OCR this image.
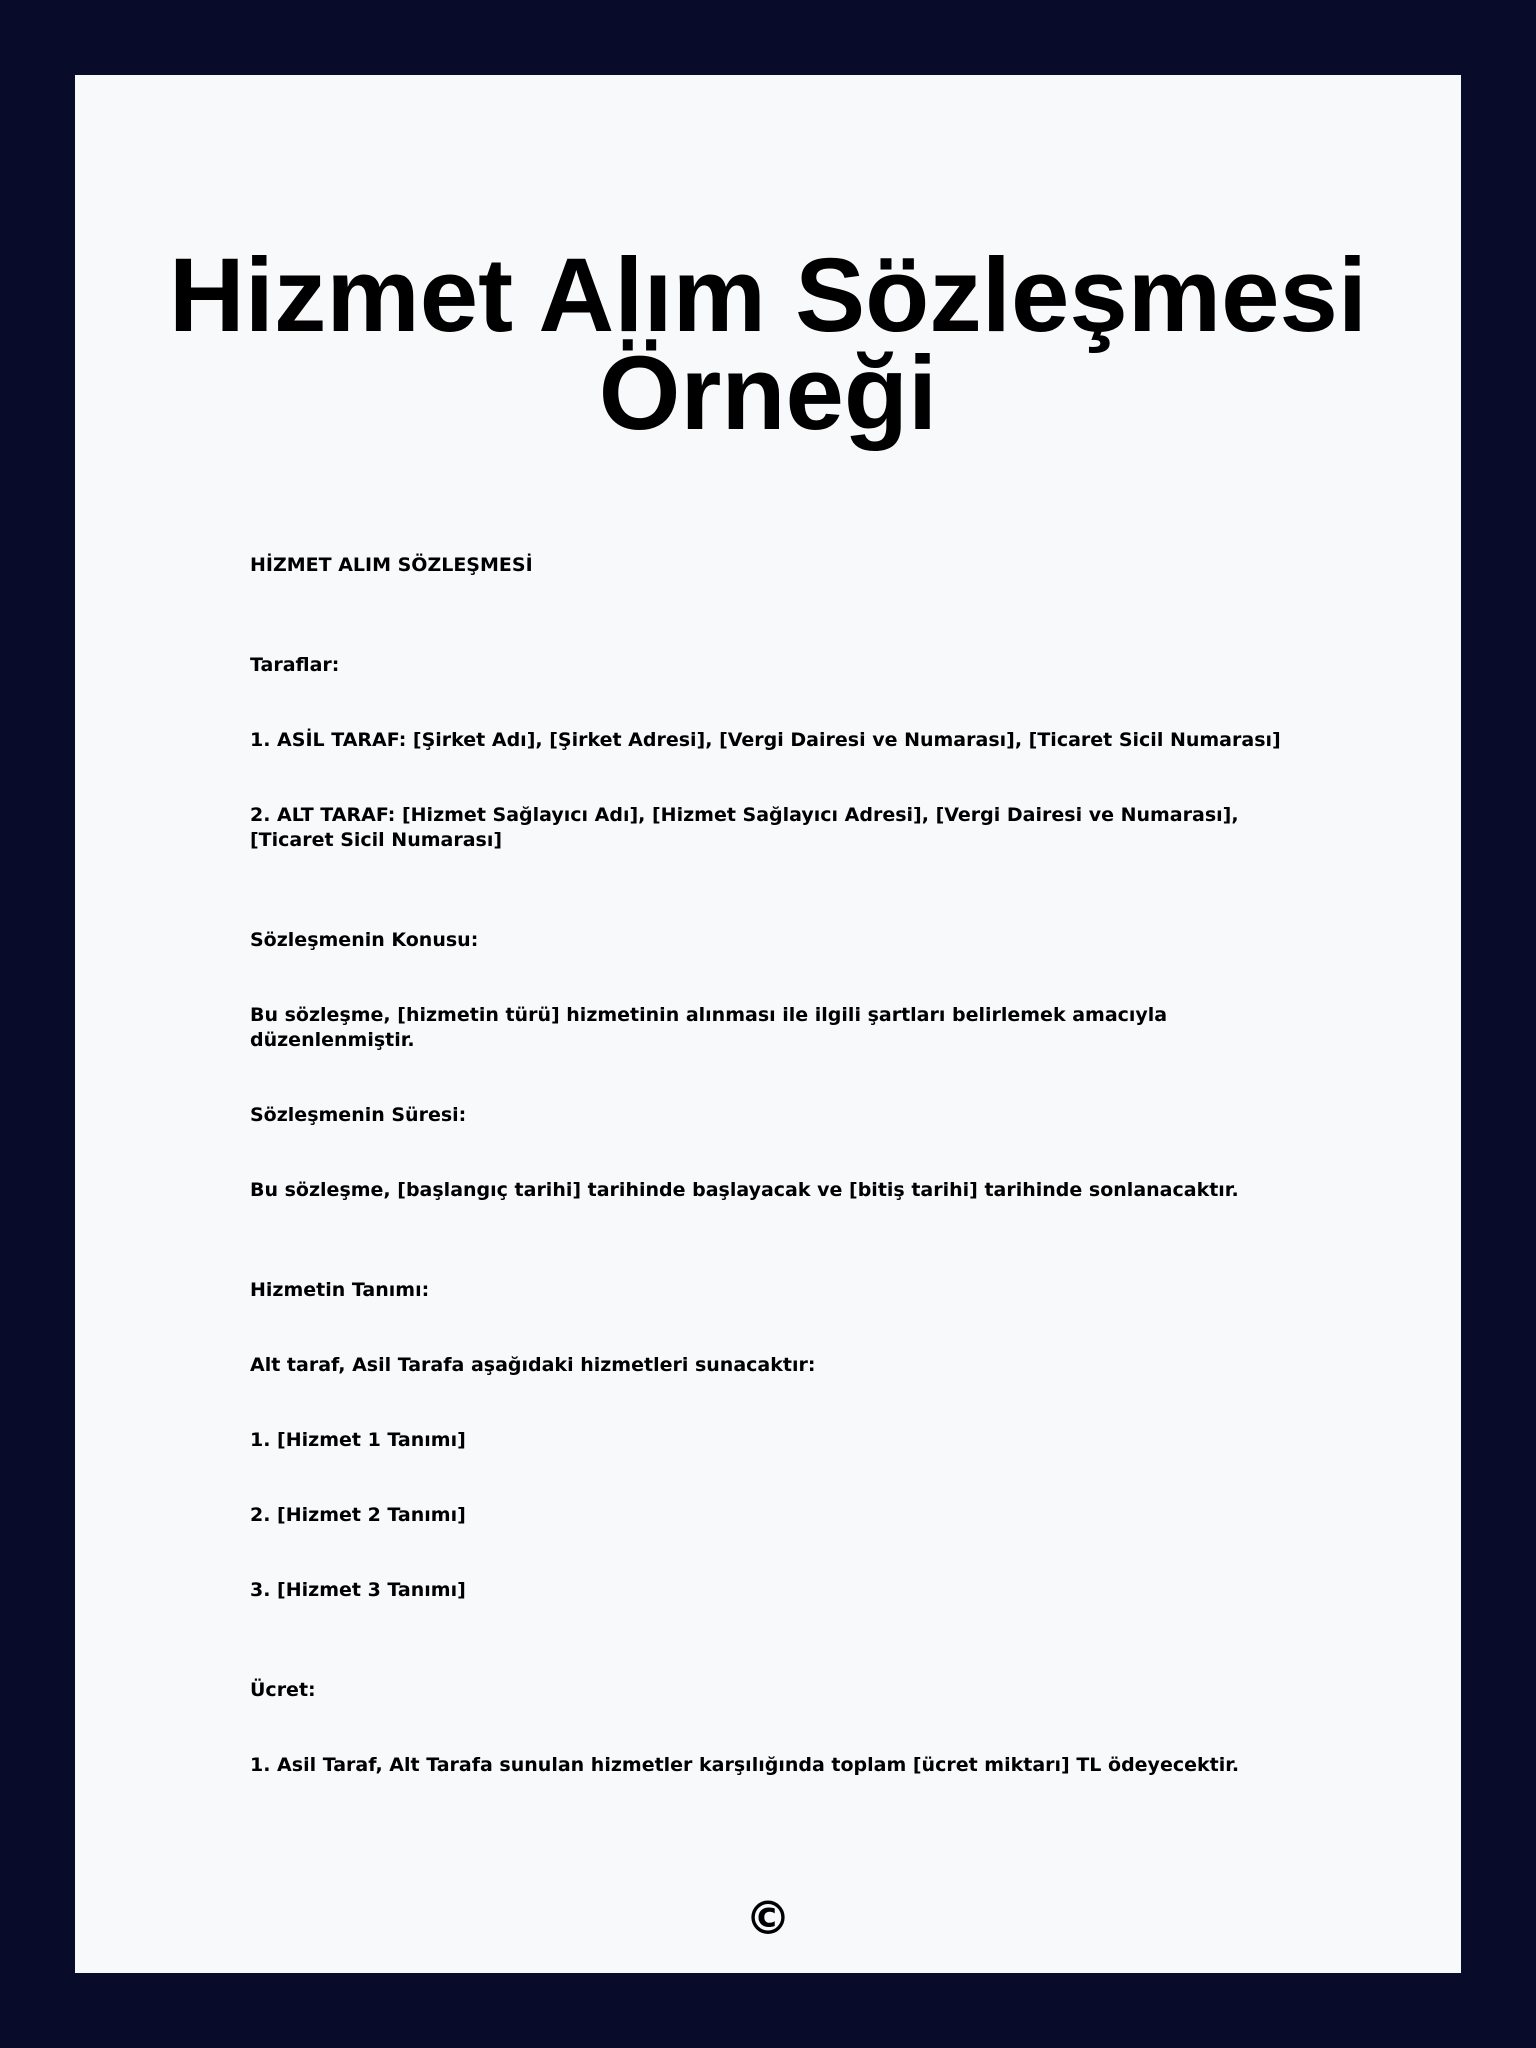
Hizmet Alım Sözleşmesi Örneği

HİZMET ALIM SÖZLEŞMESİ

Taraflar:

1. ASİL TARAF: [Şirket Adı], [Şirket Adresi], [Vergi Dairesi ve Numarası], [Ticaret Sicil Numarası]

2. ALT TARAF: [Hizmet Sağlayıcı Adı], [Hizmet Sağlayıcı Adresi], [Vergi Dairesi ve Numarası], [Ticaret Sicil Numarası]

Sözleşmenin Konusu:

Bu sözleşme, [hizmetin türü] hizmetinin alınması ile ilgili şartları belirlemek amacıyla düzenlenmiştir.

Sözleşmenin Süresi:

Bu sözleşme, [başlangıç tarihi] tarihinde başlayacak ve [bitiş tarihi] tarihinde sonlanacaktır.

Hizmetin Tanımı:

Alt taraf, Asil Tarafa aşağıdaki hizmetleri sunacaktır:

1. [Hizmet 1 Tanımı]

2. [Hizmet 2 Tanımı]

3. [Hizmet 3 Tanımı]

Ücret:

1. Asil Taraf, Alt Tarafa sunulan hizmetler karşılığında toplam [ücret miktarı] TL ödeyecektir.

©
